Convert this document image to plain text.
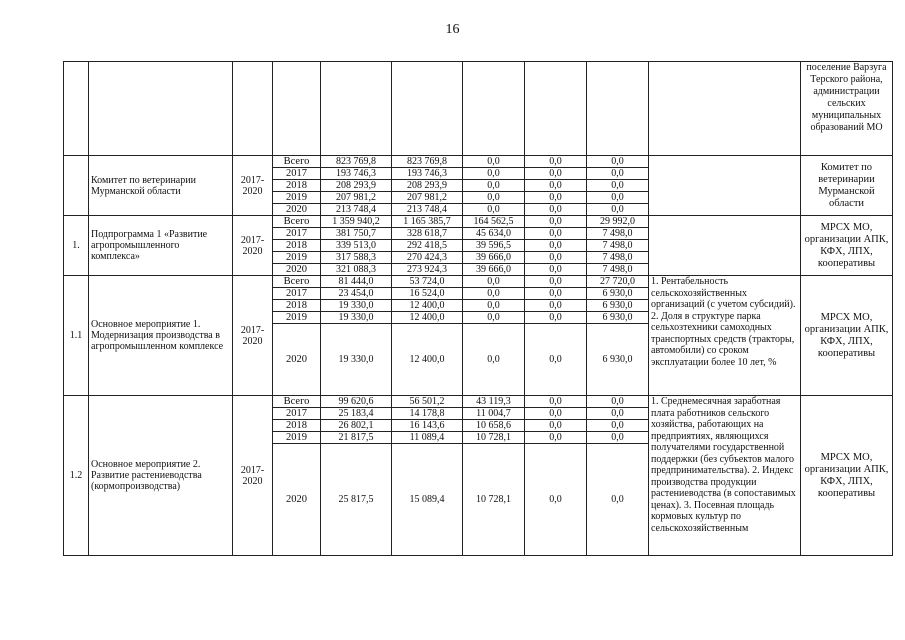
16
										поселение Варзуга Терского района, администрации сельских муниципальных образований МО
	Комитет по ветеринарии Мурманской области	2017-2020	Всего	823 769,8	823 769,8	0,0	0,0	0,0		Комитет по ветеринарии Мурманской области
			2017	193 746,3	193 746,3	0,0	0,0	0,0		
			2018	208 293,9	208 293,9	0,0	0,0	0,0		
			2019	207 981,2	207 981,2	0,0	0,0	0,0		
			2020	213 748,4	213 748,4	0,0	0,0	0,0		
1.	Подпрограмма 1 «Развитие агропромышленного комплекса»	2017-2020	Всего	1 359 940,2	1 165 385,7	164 562,5	0,0	29 992,0		МРСХ МО, организации АПК, КФХ, ЛПХ, кооперативы
			2017	381 750,7	328 618,7	45 634,0	0,0	7 498,0		
			2018	339 513,0	292 418,5	39 596,5	0,0	7 498,0		
			2019	317 588,3	270 424,3	39 666,0	0,0	7 498,0		
			2020	321 088,3	273 924,3	39 666,0	0,0	7 498,0		
1.1	Основное мероприятие 1. Модернизация производства в агропромышленном комплексе	2017-2020	Всего	81 444,0	53 724,0	0,0	0,0	27 720,0	1. Рентабельность сельскохозяйственных организаций (с учетом субсидий). 2. Доля в структуре парка сельхозтехники самоходных транспортных средств (тракторы, автомобили) со сроком эксплуатации более 10 лет, %	МРСХ МО, организации АПК, КФХ, ЛПХ, кооперативы
			2017	23 454,0	16 524,0	0,0	0,0	6 930,0		
			2018	19 330,0	12 400,0	0,0	0,0	6 930,0		
			2019	19 330,0	12 400,0	0,0	0,0	6 930,0		
			2020	19 330,0	12 400,0	0,0	0,0	6 930,0		
1.2	Основное мероприятие 2. Развитие растениеводства (кормопроизводства)	2017-2020	Всего	99 620,6	56 501,2	43 119,3	0,0	0,0	1. Среднемесячная заработная плата работников сельского хозяйства, работающих на предприятиях, являющихся получателями государственной поддержки (без субъектов малого предпринимательства). 2. Индекс производства продукции растениеводства (в сопоставимых ценах). 3. Посевная площадь кормовых культур по сельскохозяйственным	МРСХ МО, организации АПК, КФХ, ЛПХ, кооперативы
			2017	25 183,4	14 178,8	11 004,7	0,0	0,0		
			2018	26 802,1	16 143,6	10 658,6	0,0	0,0		
			2019	21 817,5	11 089,4	10 728,1	0,0	0,0		
			2020	25 817,5	15 089,4	10 728,1	0,0	0,0		
